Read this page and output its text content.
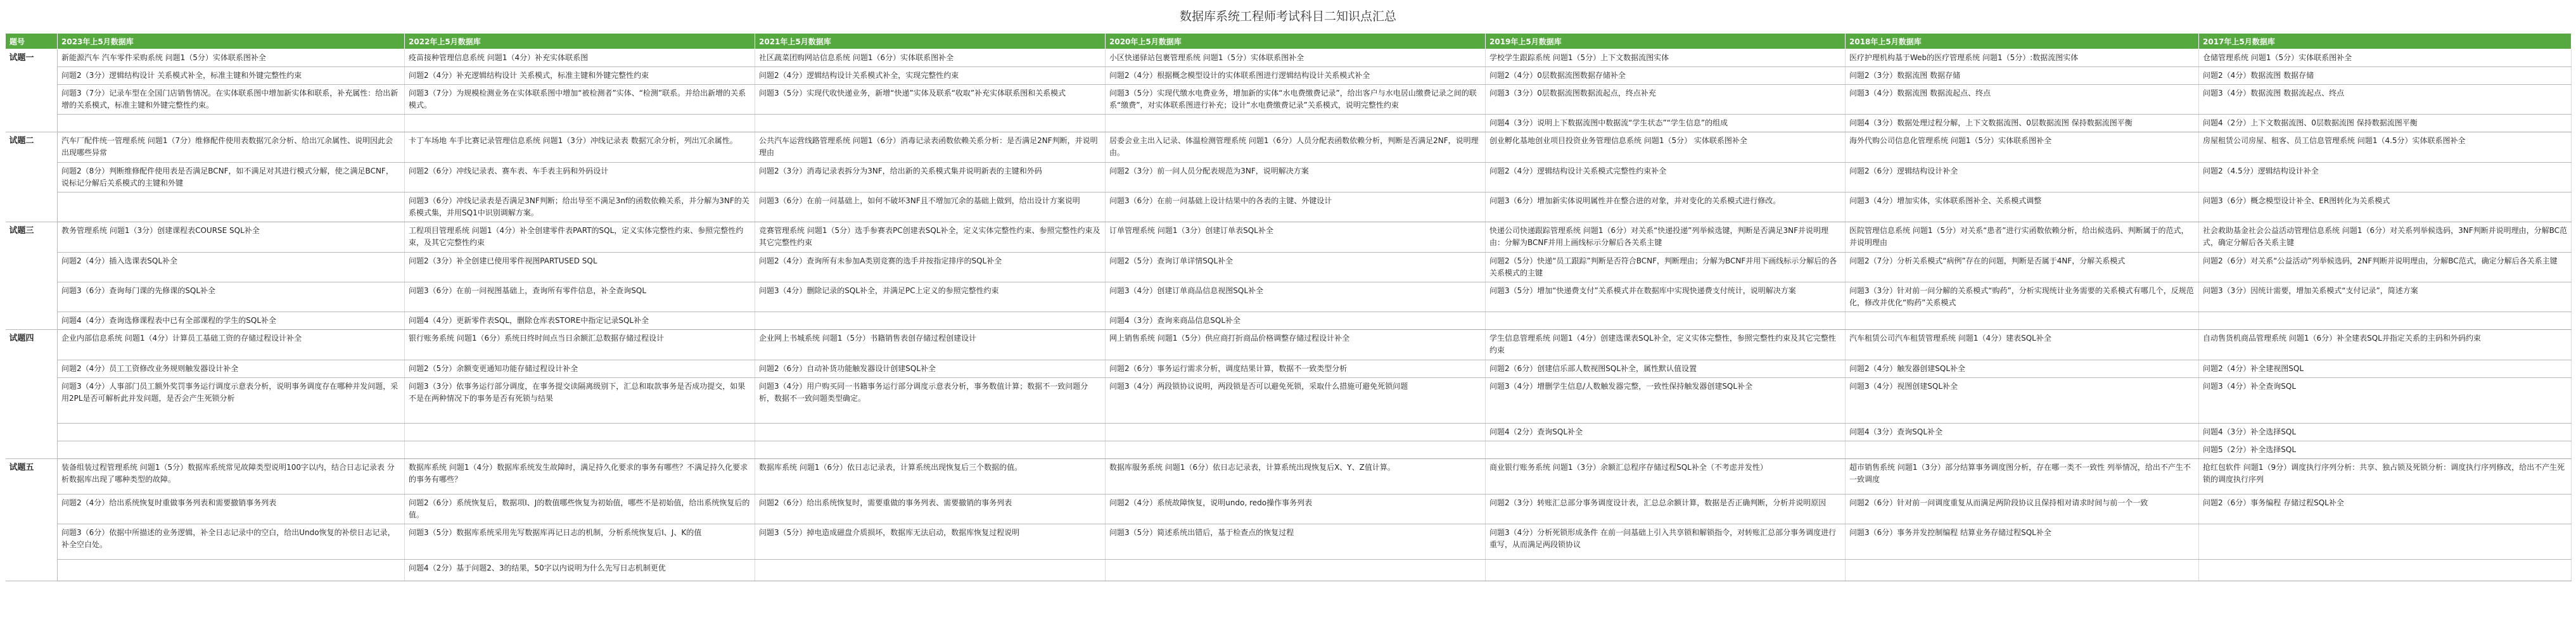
数据库系统工程师考试科目二知识点汇总
题号	2023年上5月数据库	2022年上5月数据库	2021年上5月数据库	2020年上5月数据库	2019年上5月数据库	2018年上5月数据库	2017年上5月数据库
试题一	新能源汽车 汽车零件采购系统 问题1（5分）实体联系图补全	疫苗接种管理信息系统 问题1（4分）补充实体联系图	社区蔬菜团购网站信息系统 问题1（6分）实体联系图补全	小区快递驿站包裹管理系统 问题1（5分）实体联系图补全	学校学生跟踪系统 问题1（5分）上下文数据流图实体	医疗护理机构基于Web的医疗管理系统 问题1（5分）:数据流图实体	仓储管理系统 问题1（5分）实体联系图补全
	问题2（3分）逻辑结构设计 关系模式补全，标准主键和外键完整性约束	问题2（4分）补充逻辑结构设计 关系模式，标准主键和外键完整性约束	问题2（4分）逻辑结构设计关系模式补全，实现完整性约束	问题2（4分）根据概念模型设计的实体联系图进行逻辑结构设计关系模式补全	问题2（4分）0层数据流图数据存储补全	问题2（3分）数据流图 数据存储	问题2（4分）数据流图 数据存储
	问题3（7分）记录车型在全国门店销售情况。在实体联系图中增加新实体和联系，补充属性：给出新增的关系模式，标准主键和外键完整性约束。	问题3（7分）为规模检测业务在实体联系图中增加“被检测者”实体、“检测”联系。并给出新增的关系模式。	问题3（5分）实现代收快递业务，新增“快递”实体及联系“收取”补充实体联系图和关系模式	问题3（5分）实现代缴水电费业务，增加新的实体“水电费缴费记录”，给出客户与水电居山缴费记录之间的联系“缴费”，对实体联系图进行补充；设计“水电费缴费记录”关系模式，说明完整性约束	问题3（3分）0层数据流图数据流起点，终点补充	问题3（4分）数据流图 数据流起点、终点	问题3（4分）数据流图 数据流起点、终点
					问题4（3分）说明上下数据流图中数据流“学生状态”“学生信息”的组成	问题4（3分）数据处理过程分解，上下文数据流图、0层数据流图 保持数据流图平衡	问题4（2分）上下文数据流图、0层数据流图 保持数据流图平衡
试题二	汽车厂配件统一管理系统 问题1（7分）维修配件使用表数据冗余分析、给出冗余属性、说明因此会出现哪些异常	卡丁车场地 车手比赛记录管理信息系统 问题1（3分）冲线记录表 数据冗余分析，列出冗余属性。	公共汽车运营线路管理系统 问题1（6分）消毒记录表函数依赖关系分析：是否满足2NF判断，并说明理由	居委会业主出入记录、体温检测管理系统 问题1（6分）人员分配表函数依赖分析，判断是否满足2NF，说明理由。	创业孵化基地创业项目投资业务管理信息系统 问题1（5分） 实体联系图补全	海外代购公司信息化管理系统 问题1（5分）实体联系图补全	房屋租赁公司房屋、租客、员工信息管理系统 问题1（4.5分）实体联系图补全
	问题2（8分）判断维修配件使用表是否满足BCNF，如不满足对其进行模式分解，使之满足BCNF，说标记分解后关系模式的主键和外键	问题2（6分）冲线记录表、赛车表、车手表主码和外码设计	问题2（3分）消毒记录表拆分为3NF，给出新的关系模式集并说明新表的主键和外码	问题2（3分）前一问人员分配表规范为3NF，说明解决方案	问题2（4分）逻辑结构设计关系模式完整性约束补全	问题2（6分）逻辑结构设计补全	问题2（4.5分）逻辑结构设计补全
		问题3（6分）冲线记录表是否满足3NF判断；给出导至不满足3nf的函数依赖关系，并分解为3NF的关系模式集，并用SQ1中识别调解方案。	问题3（6分）在前一问基础上，如何不破坏3NF且不增加冗余的基础上做到，给出设计方案说明	问题3（6分）在前一问基础上设计结果中的各表的主键、外键设计	问题3（6分）增加新实体说明属性并在整合进的对象，并对变化的关系模式进行修改。	问题3（4分）增加实体，实体联系图补全、关系模式调整	问题3（6分）概念模型设计补全、ER图转化为关系模式
试题三	教务管理系统 问题1（3分）创建课程表COURSE SQL补全	工程项目管理系统 问题1（4分）补全创建零件表PART的SQL，定义实体完整性约束、参照完整性约束，及其它完整性约束	竞赛管理系统 问题1（5分）选手参赛表PC创建表SQL补全，定义实体完整性约束、参照完整性约束及其它完整性约束	订单管理系统 问题1（3分）创建订单表SQL补全	快递公司快递跟踪管理系统 问题1（6分）对关系“快递投递”列举候选键，判断是否满足3NF并说明理由：分解为BCNF并用上画线标示分解后各关系主键	医院管理信息系统 问题1（5分）对关系“患者”进行实函数依赖分析，给出候选码、判断属于的范式，并说明理由	社会救助基金社会公益活动管理信息系统 问题1（6分）对关系列举候选码，3NF判断并说明理由，分解BC范式，确定分解后各关系主键
	问题2（4分）插入选课表SQL补全	问题2（3分）补全创建已使用零件视图PARTUSED SQL	问题2（4分）查询所有未参加A类别竞赛的选手并按指定排序的SQL补全	问题2（5分）查询订单详情SQL补全	问题2（5分）快递“员工跟踪”判断是否符合BCNF，判断理由；分解为BCNF并用下画线标示分解后的各关系模式的主键	问题2（7分）分析关系模式“病例”存在的问题，判断是否属于4NF，分解关系模式	问题2（6分）对关系“公益活动”列举候选码，2NF判断并说明理由，分解BC范式，确定分解后各关系主键
	问题3（6分）查询每门课的先修课的SQL补全	问题3（6分）在前一问视图基础上，查询所有零件信息，补全查询SQL	问题3（4分）删除记录的SQL补全，并满足PC上定义的参照完整性约束	问题3（4分）创建订单商品信息视图SQL补全	问题3（5分）增加“快递费支付”关系模式并在数据库中实现快递费支付统计，说明解决方案	问题3（3分）针对前一问分解的关系模式“购药”，分析实现统计业务需要的关系模式有哪几个，反规范化，修改并优化“购药”关系模式	问题3（3分）因统计需要，增加关系模式“支付记录”，简述方案
	问题4（4分）查询选修课程表中已有全部课程的学生的SQL补全	问题4（4分）更新零件表SQL，删除仓库表STORE中指定记录SQL补全		问题4（3分）查询来商品信息SQL补全			
试题四	企业内部信息系统 问题1（4分）计算员工基础工资的存储过程设计补全	银行账务系统 问题1（6分）系统日终时间点当日余额汇总数据存储过程设计	企业网上书城系统 问题1（5分）书籍销售表创存储过程创建设计	网上销售系统 问题1（5分）供应商打折商品价格调整存储过程设计补全	学生信息管理系统 问题1（4分）创建选课表SQL补全，定义实体完整性，参照完整性约束及其它完整性约束	汽车租赁公司汽车租赁管理系统 问题1（4分）建表SQL补全	自动售货机商品管理系统 问题1（6分）补全建表SQL并指定关系的主码和外码约束
	问题2（4分）员工工资修改业务规则触发器设计补全	问题2（5分）余额变更通知功能存储过程设计补全	问题2（6分）自动补货功能触发器设计创建SQL补全	问题2（6分）事务运行需求分析，调度结果计算，数据不一致类型分析	问题2（6分）创建信乐部人数视图SQL补全，属性默认值设置	问题2（4分）触发器创建SQL补全	问题2（4分）补全建视图SQL
	问题3（4分）人事部门员工额外奖罚事务运行调度示意表分析，说明事务调度存在哪种并发问题，采用2PL是否可解析此并发问题，是否会产生死锁分析	问题3（3分）依事务运行部分调度，在事务提交读隔离级别下，汇总和取款事务是否成功提交，如果不是在两种情况下的事务是否有死锁与结果	问题3（4分）用户购买同一书籍事务运行部分调度示意表分析，事务数值计算；数据不一致问题分析，数据不一致问题类型确定。	问题3（4分）两段锁协议说明，两段锁是否可以避免死锁，采取什么措施可避免死锁问题	问题3（4分）增删学生信息/人数触发器完整，一致性保持触发器创建SQL补全	问题3（4分）视图创建SQL补全	问题3（4分）补全查询SQL
					问题4（2分）查询SQL补全	问题4（3分）查询SQL补全	问题4（3分）补全选择SQL
							问题5（2分）补全选择SQL
试题五	装备组装过程管理系统 问题1（5分）数据库系统常见故障类型说明100字以内，结合日志记录表 分析数据库出现了哪种类型的故障。	数据库系统 问题1（4分）数据库系统发生故障时，满足持久化要求的事务有哪些？不满足持久化要求的事务有哪些？	数据库系统 问题1（6分）依日志记录表，计算系统出现恢复后三个数据的值。	数据库服务系统 问题1（6分）依日志记录表，计算系统出现恢复后X、Y、Z值计算。	商业银行账务系统 问题1（3分）余额汇总程序存储过程SQL补全（不考虑并发性）	超市销售系统 问题1（3分）部分结算事务调度图分析，存在哪一类不一致性 列举情况，给出不产生不一致调度	抢红包软件 问题1（9分）调度执行序列分析：共享、独占锁及死锁分析：调度执行序列修改，给出不产生死锁的调度执行序列
	问题2（4分）给出系统恢复时重做事务列表和需要撤销事务列表	问题2（6分）系统恢复后，数据项I、J的数值哪些恢复为初始值，哪些不是初始值，给出系统恢复后的值。	问题2（6分）给出系统恢复时，需要重做的事务列表、需要撤销的事务列表	问题2（4分）系统故障恢复，说明undo, redo操作事务列表	问题2（3分）转账汇总部分事务调度设计表，汇总总余额计算，数据是否正确判断，分析并说明原因	问题2（6分）针对前一问调度重复从而满足两阶段协议且保持相对请求时间与前一个一致	问题2（6分）事务编程 存储过程SQL补全
	问题3（6分）依据中所描述的业务逻辑，补全日志记录中的空白，给出Undo恢复的补偿日志记录，补全空白处。	问题3（5分）数据库系统采用先写数据库再记日志的机制，分析系统恢复后I、J、K的值	问题3（5分）掉电造成磁盘介质损坏，数据库无法启动，数据库恢复过程说明	问题3（5分）简述系统出错后，基于检查点的恢复过程	问题3（4分）分析死锁形成条件 在前一问基础上引入共享锁和解锁指令，对转账汇总部分事务调度进行重写，从而满足两段锁协议	问题3（6分）事务并发控制编程 结算业务存储过程SQL补全	
		问题4（2分）基于问题2、3的结果，50字以内说明为什么先写日志机制更优					
